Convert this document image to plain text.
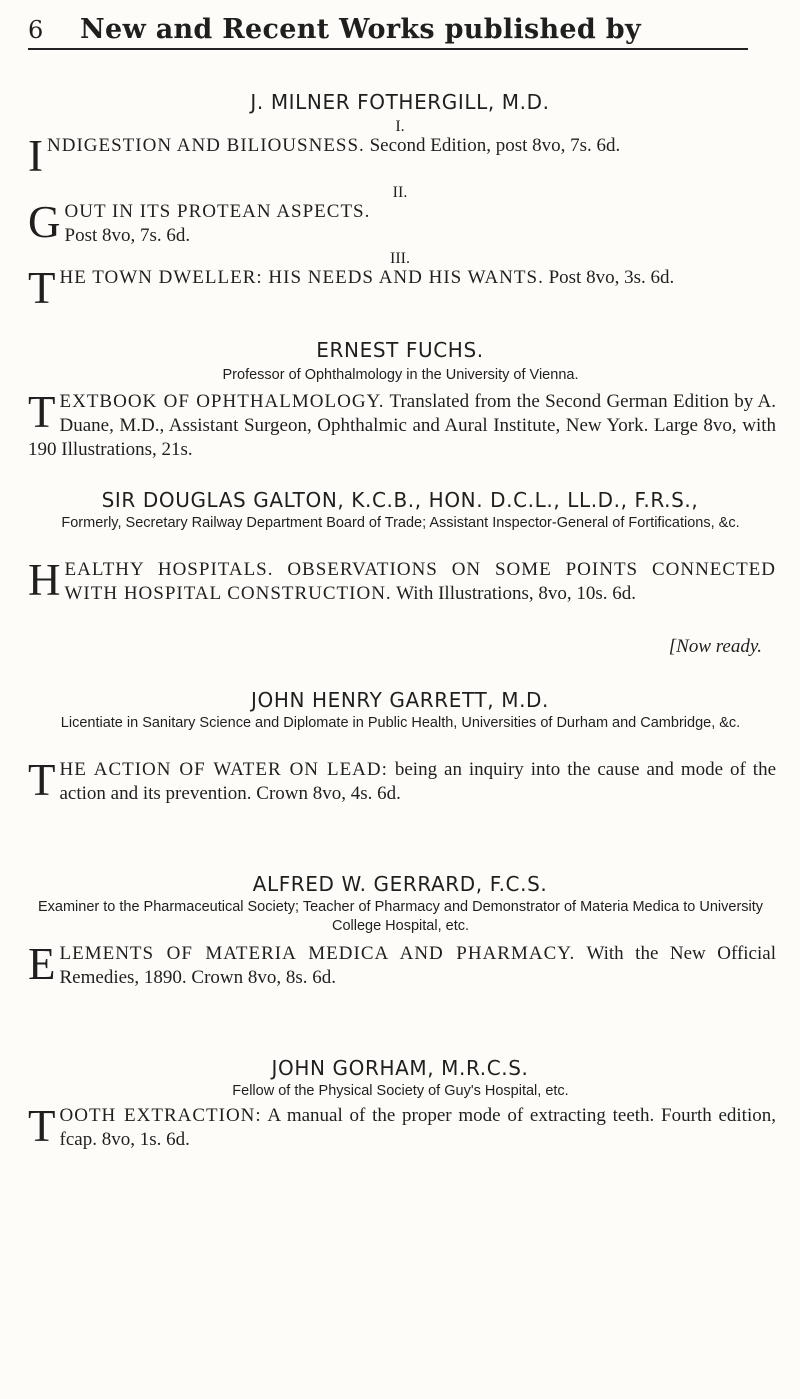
6 New and Recent Works published by
J. MILNER FOTHERGILL, M.D.
I.
INDIGESTION AND BILIOUSNESS. Second Edition, post 8vo, 7s. 6d.
II.
GOUT IN ITS PROTEAN ASPECTS.
Post 8vo, 7s. 6d.
III.
THE TOWN DWELLER: HIS NEEDS AND HIS WANTS. Post 8vo, 3s. 6d.
ERNEST FUCHS.
Professor of Ophthalmology in the University of Vienna.
TEXTBOOK OF OPHTHALMOLOGY. Translated from the Second German Edition by A. Duane, M.D., Assistant Surgeon, Ophthalmic and Aural Institute, New York. Large 8vo, with 190 Illustrations, 21s.
SIR DOUGLAS GALTON, K.C.B., HON. D.C.L., LL.D., F.R.S.,
Formerly, Secretary Railway Department Board of Trade; Assistant Inspector-General of Fortifications, &c.
HEALTHY HOSPITALS. OBSERVATIONS ON SOME POINTS CONNECTED WITH HOSPITAL CONSTRUCTION. With Illustrations, 8vo, 10s. 6d.
[Now ready.
JOHN HENRY GARRETT, M.D.
Licentiate in Sanitary Science and Diplomate in Public Health, Universities of Durham and Cambridge, &c.
THE ACTION OF WATER ON LEAD: being an inquiry into the cause and mode of the action and its prevention. Crown 8vo, 4s. 6d.
ALFRED W. GERRARD, F.C.S.
Examiner to the Pharmaceutical Society; Teacher of Pharmacy and Demonstrator of Materia Medica to University College Hospital, etc.
ELEMENTS OF MATERIA MEDICA AND PHARMACY. With the New Official Remedies, 1890. Crown 8vo, 8s. 6d.
JOHN GORHAM, M.R.C.S.
Fellow of the Physical Society of Guy's Hospital, etc.
TOOTH EXTRACTION: A manual of the proper mode of extracting teeth. Fourth edition, fcap. 8vo, 1s. 6d.
